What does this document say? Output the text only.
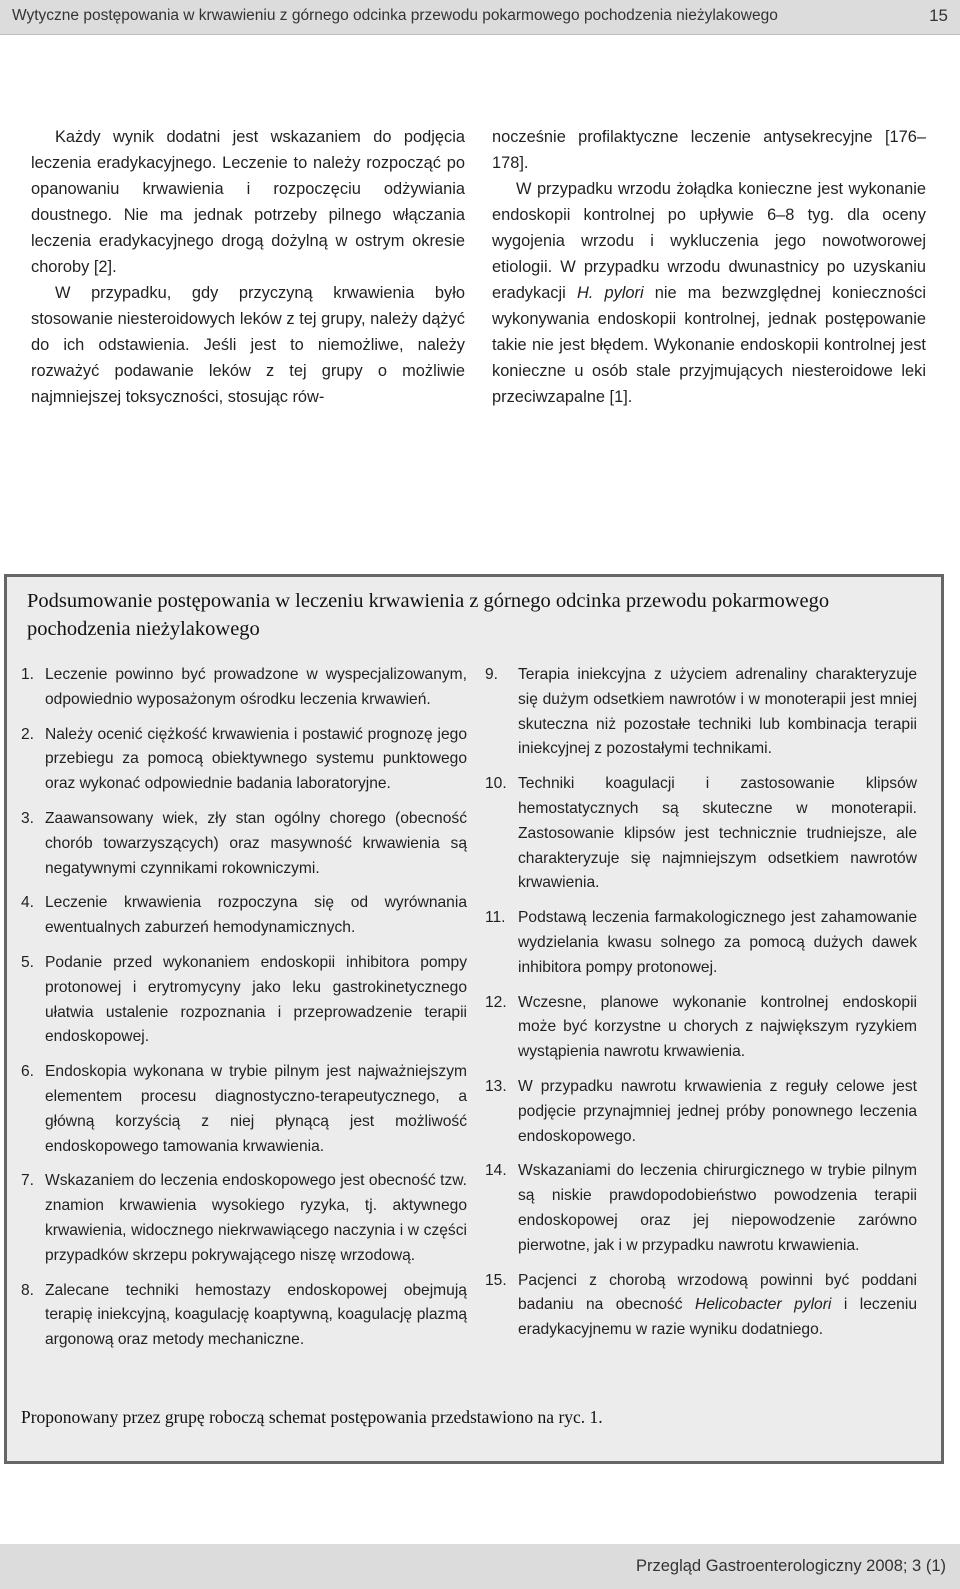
Wytyczne postępowania w krwawieniu z górnego odcinka przewodu pokarmowego pochodzenia nieżylakowego	15

Każdy wynik dodatni jest wskazaniem do podjęcia leczenia eradykacyjnego. Leczenie to należy rozpocząć po opanowaniu krwawienia i rozpoczęciu odżywiania doustnego. Nie ma jednak potrzeby pilnego włączania leczenia eradykacyjnego drogą dożylną w ostrym okresie choroby [2].

W przypadku, gdy przyczyną krwawienia było stosowanie niesteroidowych leków z tej grupy, należy dążyć do ich odstawienia. Jeśli jest to niemożliwe, należy rozważyć podawanie leków z tej grupy o możliwie najmniejszej toksyczności, stosując rów-

nocześnie profilaktyczne leczenie antysekrecyjne [176–178].

W przypadku wrzodu żołądka konieczne jest wykonanie endoskopii kontrolnej po upływie 6–8 tyg. dla oceny wygojenia wrzodu i wykluczenia jego nowotworowej etiologii. W przypadku wrzodu dwunastnicy po uzyskaniu eradykacji H. pylori nie ma bezwzględnej konieczności wykonywania endoskopii kontrolnej, jednak postępowanie takie nie jest błędem. Wykonanie endoskopii kontrolnej jest konieczne u osób stale przyjmujących niesteroidowe leki przeciwzapalne [1].

Podsumowanie postępowania w leczeniu krwawienia z górnego odcinka przewodu pokarmowego pochodzenia nieżylakowego
1. Leczenie powinno być prowadzone w wyspecjalizowanym, odpowiednio wyposażonym ośrodku leczenia krwawień.
2. Należy ocenić ciężkość krwawienia i postawić prognozę jego przebiegu za pomocą obiektywnego systemu punktowego oraz wykonać odpowiednie badania laboratoryjne.
3. Zaawansowany wiek, zły stan ogólny chorego (obecność chorób towarzyszących) oraz masywność krwawienia są negatywnymi czynnikami rokowniczymi.
4. Leczenie krwawienia rozpoczyna się od wyrównania ewentualnych zaburzeń hemodynamicznych.
5. Podanie przed wykonaniem endoskopii inhibitora pompy protonowej i erytromycyny jako leku gastrokinetycznego ułatwia ustalenie rozpoznania i przeprowadzenie terapii endoskopowej.
6. Endoskopia wykonana w trybie pilnym jest najważniejszym elementem procesu diagnostyczno-terapeutycznego, a główną korzyścią z niej płynącą jest możliwość endoskopowego tamowania krwawienia.
7. Wskazaniem do leczenia endoskopowego jest obecność tzw. znamion krwawienia wysokiego ryzyka, tj. aktywnego krwawienia, widocznego niekrwawiącego naczynia i w części przypadków skrzepu pokrywającego niszę wrzodową.
8. Zalecane techniki hemostazy endoskopowej obejmują terapię iniekcyjną, koagulację koaptywną, koagulację plazmą argonową oraz metody mechaniczne.
9. Terapia iniekcyjna z użyciem adrenaliny charakteryzuje się dużym odsetkiem nawrotów i w monoterapii jest mniej skuteczna niż pozostałe techniki lub kombinacja terapii iniekcyjnej z pozostałymi technikami.
10. Techniki koagulacji i zastosowanie klipsów hemostatycznych są skuteczne w monoterapii. Zastosowanie klipsów jest technicznie trudniejsze, ale charakteryzuje się najmniejszym odsetkiem nawrotów krwawienia.
11. Podstawą leczenia farmakologicznego jest zahamowanie wydzielania kwasu solnego za pomocą dużych dawek inhibitora pompy protonowej.
12. Wczesne, planowe wykonanie kontrolnej endoskopii może być korzystne u chorych z największym ryzykiem wystąpienia nawrotu krwawienia.
13. W przypadku nawrotu krwawienia z reguły celowe jest podjęcie przynajmniej jednej próby ponownego leczenia endoskopowego.
14. Wskazaniami do leczenia chirurgicznego w trybie pilnym są niskie prawdopodobieństwo powodzenia terapii endoskopowej oraz jej niepowodzenie zarówno pierwotne, jak i w przypadku nawrotu krwawienia.
15. Pacjenci z chorobą wrzodową powinni być poddani badaniu na obecność Helicobacter pylori i leczeniu eradykacyjnemu w razie wyniku dodatniego.
Proponowany przez grupę roboczą schemat postępowania przedstawiono na ryc. 1.
Przegląd Gastroenterologiczny 2008; 3 (1)
